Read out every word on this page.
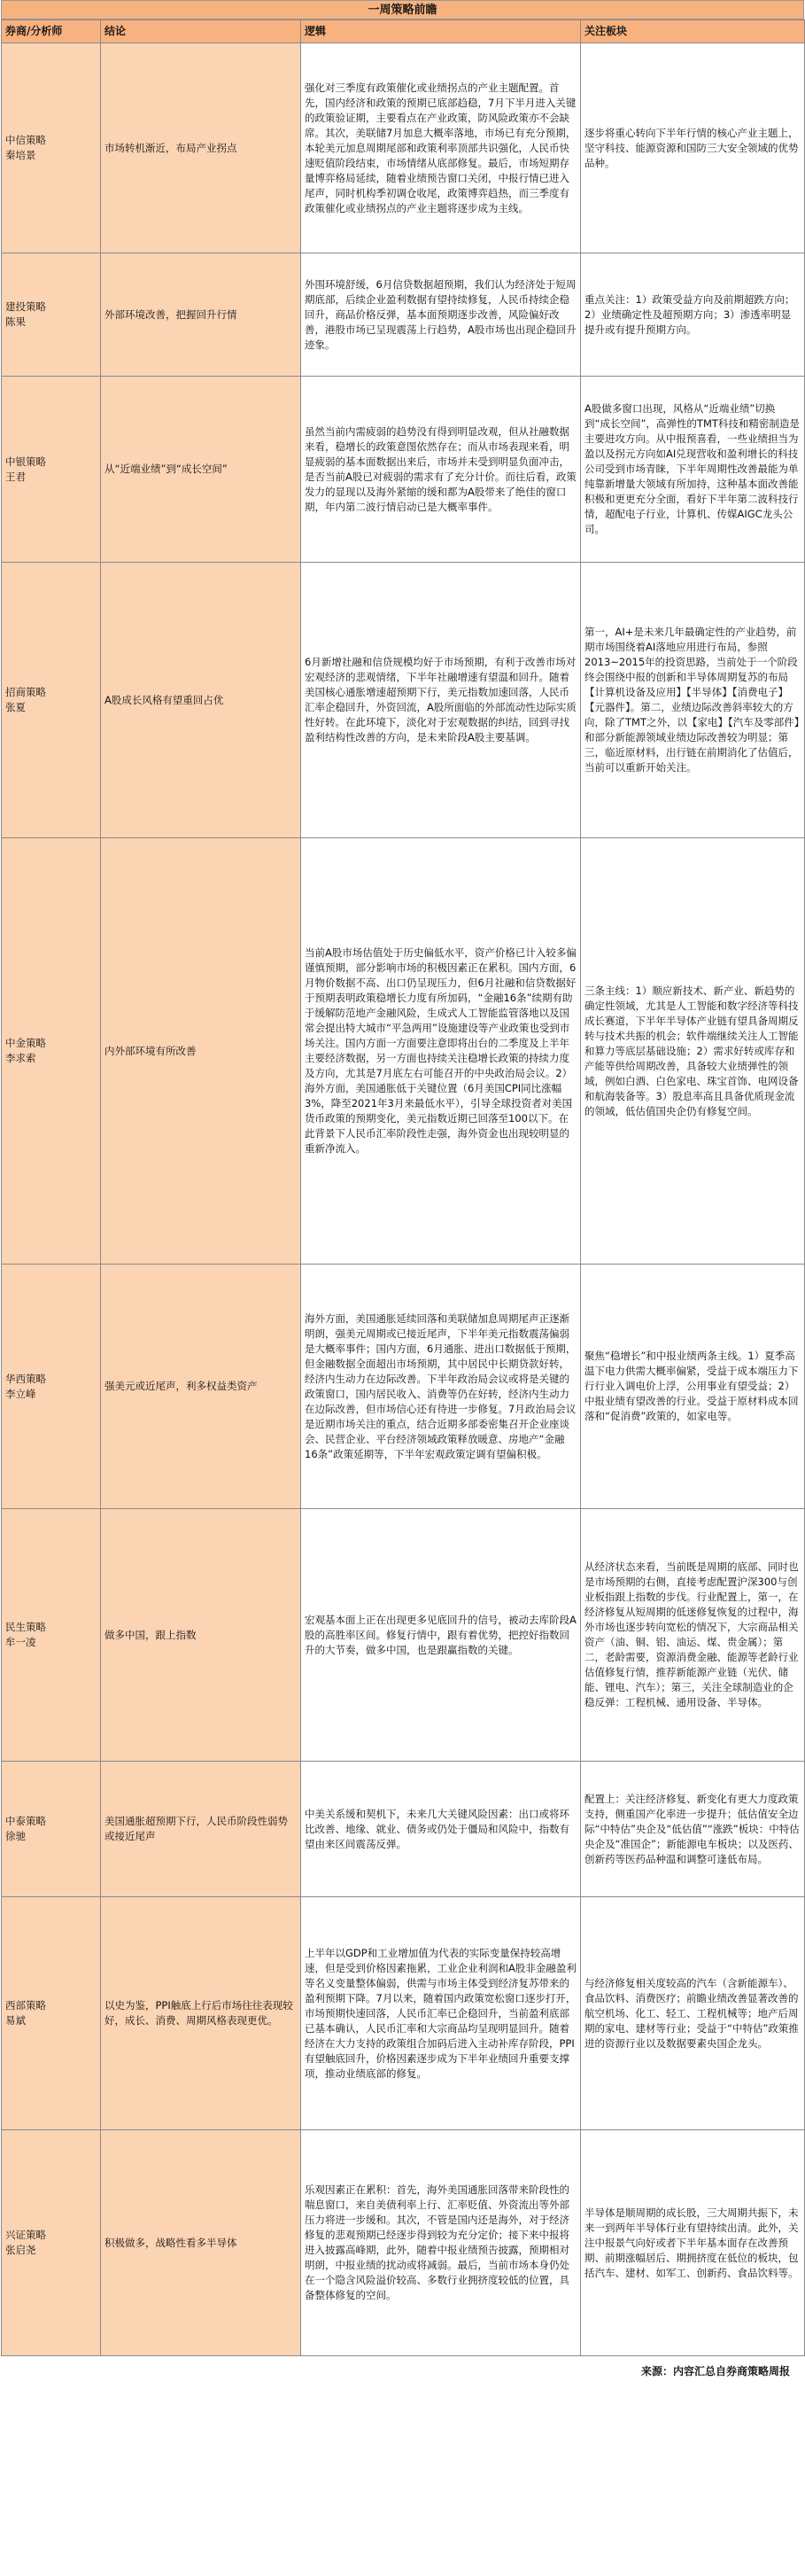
一周策略前瞻
券商/分析师	结论	逻辑	关注板块
中信策略
秦培景	市场转机渐近，布局产业拐点	强化对三季度有政策催化或业绩拐点的产业主题配置。首先，国内经济和政策的预期已底部趋稳，7月下半月进入关键的政策验证期，主要看点在产业政策，防风险政策亦不会缺席。其次，美联储7月加息大概率落地，市场已有充分预期，本轮美元加息周期尾部和政策利率顶部共识强化，人民币快速贬值阶段结束，市场情绪从底部修复。最后，市场短期存量博弈格局延续，随着业绩预告窗口关闭，中报行情已进入尾声，同时机构季初调仓收尾，政策博弈趋热，而三季度有政策催化或业绩拐点的产业主题将逐步成为主线。	逐步将重心转向下半年行情的核心产业主题上，坚守科技、能源资源和国防三大安全领域的优势品种。
建投策略
陈果	外部环境改善，把握回升行情	外围环境舒缓，6月信贷数据超预期，我们认为经济处于短周期底部，后续企业盈利数据有望持续修复，人民币持续企稳回升，商品价格反弹，基本面预期逐步改善，风险偏好改善，港股市场已呈现震荡上行趋势，A股市场也出现企稳回升迹象。	重点关注：1）政策受益方向及前期超跌方向；2）业绩确定性及超预期方向；3）渗透率明显提升或有提升预期方向。
中银策略
王君	从“近端业绩”到“成长空间”	虽然当前内需疲弱的趋势没有得到明显改观，但从社融数据来看，稳增长的政策意图依然存在；而从市场表现来看，明显疲弱的基本面数据出来后，市场并未受到明显负面冲击，是否当前A股已对疲弱的需求有了充分计价。而往后看，政策发力的显现以及海外紧缩的缓和都为A股带来了绝佳的窗口期，年内第二波行情启动已是大概率事件。	A股做多窗口出现，风格从“近端业绩”切换到“成长空间”，高弹性的TMT科技和精密制造是主要进攻方向。从中报预喜看，一些业绩担当为盈以及拐元方向如AI兑现营收和盈利增长的科技公司受到市场青睐，下半年周期性改善最能为单纯靠新增量大领域有所加持，这种基本面改善能积极和更更充分全面，看好下半年第二波科技行情，超配电子行业，计算机、传媒AIGC龙头公司。
招商策略
张夏	A股成长风格有望重回占优	6月新增社融和信贷规模均好于市场预期，有利于改善市场对宏观经济的悲观情绪，下半年社融增速有望温和回升。随着美国核心通胀增速超预期下行，美元指数加速回落，人民币汇率企稳回升，外资回流，A股所面临的外部流动性边际实质性好转。在此环境下，淡化对于宏观数据的纠结，回到寻找盈利结构性改善的方向，是未来阶段A股主要基调。	第一，AI+是未来几年最确定性的产业趋势，前期市场围绕着AI落地应用进行布局，参照2013~2015年的投资思路，当前处于一个阶段终会围绕中报的创新和半导体周期复苏的布局【计算机设备及应用】【半导体】【消费电子】【元器件】。第二，业绩边际改善斜率较大的方向，除了TMT之外，以【家电】【汽车及零部件】和部分新能源领域业绩边际改善较为明显；第三，临近原材料，出行链在前期消化了估值后，当前可以重新开始关注。
中金策略
李求索	内外部环境有所改善	当前A股市场估值处于历史偏低水平，资产价格已计入较多偏谨慎预期，部分影响市场的积极因素正在累积。国内方面，6月物价数据不高、出口仍呈现压力，但6月社融和信贷数据好于预期表明政策稳增长力度有所加码，“金融16条”续期有助于缓解防范地产金融风险，生成式人工智能监管落地以及国常会提出特大城市“平急两用”设施建设等产业政策也受到市场关注。国内方面一方面要注意即将出台的二季度及上半年主要经济数据，另一方面也持续关注稳增长政策的持续力度及方向，尤其是7月底左右可能召开的中央政治局会议。2）海外方面，美国通胀低于关键位置（6月美国CPI同比涨幅3%，降至2021年3月来最低水平），引导全球投资者对美国货币政策的预期变化，美元指数近期已回落至100以下。在此背景下人民币汇率阶段性走强，海外资金也出现较明显的重新净流入。	三条主线：1）顺应新技术、新产业、新趋势的确定性领域，尤其是人工智能和数字经济等科技成长赛道，下半年半导体产业链有望具备周期反转与技术共振的机会；软件端继续关注人工智能和算力等底层基础设施；2）需求好转或库存和产能等供给周期改善，具备较大业绩弹性的领域，例如白酒、白色家电、珠宝首饰、电网设备和航海装备等。3）股息率高且具备优质现金流的领域，低估值国央企仍有修复空间。
华西策略
李立峰	强美元或近尾声，利多权益类资产	海外方面，美国通胀延续回落和美联储加息周期尾声正逐渐明朗，强美元周期或已接近尾声，下半年美元指数震荡偏弱是大概率事件；国内方面，6月通胀、进出口数据低于预期，但金融数据全面超出市场预期，其中居民中长期贷款好转，经济内生动力在边际改善。下半年政治局会议或将是关键的政策窗口，国内居民收入、消费等仍在好转，经济内生动力在边际改善，但市场信心还有待进一步修复。7月政治局会议是近期市场关注的重点，结合近期多部委密集召开企业座谈会、民营企业、平台经济领域政策释放暖意、房地产“金融16条”政策延期等，下半年宏观政策定调有望偏积极。	聚焦“稳增长”和中报业绩两条主线。1）夏季高温下电力供需大概率偏紧，受益于成本端压力下行行业入调电价上浮，公用事业有望受益；2）中报业绩有望改善的行业。受益于原材料成本回落和“促消费”政策的，如家电等。
民生策略
牟一凌	做多中国，跟上指数	宏观基本面上正在出现更多见底回升的信号，被动去库阶段A股的高胜率区间。修复行情中，跟有着优势，把控好指数回升的大节奏，做多中国，也是跟赢指数的关键。	从经济状态来看，当前既是周期的底部、同时也是市场预期的右侧，直接考虑配置沪深300与创业板指跟上指数的步伐。行业配置上，第一，在经济修复从短周期的低迷修复恢复的过程中，海外市场也逐步转向宽松的情况下，大宗商品相关资产（油、铜、铝、油运、煤、贵金属）；第二，老龄需要，资源消费金融、能源等老龄行业估值修复行情，推荐新能源产业链（光伏、储能、锂电、汽车）；第三，关注全球制造业的企稳反弹：工程机械、通用设备、半导体。
中泰策略
徐驰	美国通胀超预期下行，人民币阶段性弱势或接近尾声	中美关系缓和契机下，未来几大关键风险因素：出口或将环比改善、地缘、就业、债务或仍处于僵局和风险中，指数有望由来区间震荡反弹。	配置上：关注经济修复、新变化有更大力度政策支持，侧重国产化率进一步提升；低估值安全边际“中特估”央企及“低估值”“涨跌”板块：中特估央企及“准国企”；新能源电车板块；以及医药、创新药等医药品种温和调整可逢低布局。
西部策略
易斌	以史为鉴，PPI触底上行后市场往往表现较好，成长、消费、周期风格表现更优。	上半年以GDP和工业增加值为代表的实际变量保持较高增速，但是受到价格因素拖累，工业企业利润和A股非金融盈利等名义变量整体偏弱，供需与市场主体受到经济复苏带来的盈利预期下降。7月以来，随着国内政策宽松窗口逐步打开，市场预期快速回落，人民币汇率已企稳回升，当前盈利底部已基本确认，人民币汇率和大宗商品均呈现明显回升。随着经济在大力支持的政策组合加码后进入主动补库存阶段，PPI有望触底回升，价格因素逐步成为下半年业绩回升重要支撑项，推动业绩底部的修复。	与经济修复相关度较高的汽车（含新能源车）、食品饮料、消费医疗；前瞻业绩改善显著改善的航空机场、化工、轻工、工程机械等；地产后周期的家电、建材等行业；受益于“中特估”政策推进的资源行业以及数据要素央国企龙头。
兴证策略
张启尧	积极做多，战略性看多半导体	乐观因素正在累积：首先，海外美国通胀回落带来阶段性的喘息窗口，来自美债利率上行、汇率贬值、外资流出等外部压力将进一步缓和。其次，不管是国内还是海外，对于经济修复的悲观预期已经逐步得到较为充分定价；接下来中报将进入披露高峰期，此外，随着中报业绩预告披露，预期相对明朗，中报业绩的扰动或将减弱。最后，当前市场本身仍处在一个隐含风险溢价较高、多数行业拥挤度较低的位置，具备整体修复的空间。	半导体是顺周期的成长股，三大周期共振下，未来一到两年半导体行业有望持续出清。此外，关注中报景气向好或者下半年基本面存在改善预期、前期涨幅居后、期拥挤度在低位的板块，包括汽车、建材、如军工、创新药、食品饮料等。
来源：内容汇总自券商策略周报
